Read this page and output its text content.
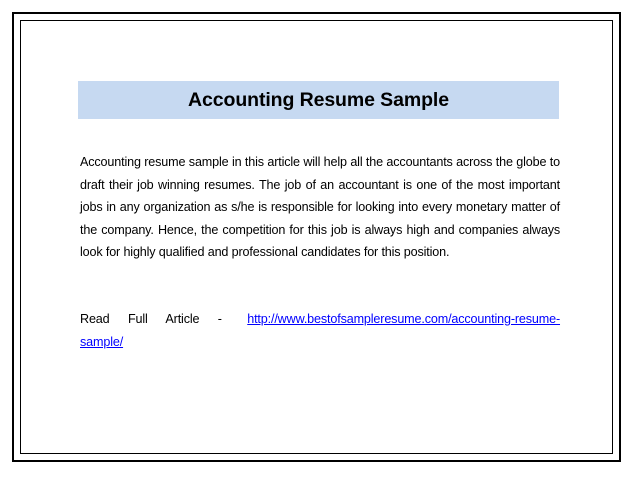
Accounting Resume Sample

Accounting resume sample in this article will help all the accountants across the globe to draft their job winning resumes. The job of an accountant is one of the most important jobs in any organization as s/he is responsible for looking into every monetary matter of the company. Hence, the competition for this job is always high and companies always look for highly qualified and professional candidates for this position.

Read Full Article - http://www.bestofsampleresume.com/accounting-resume-sample/
